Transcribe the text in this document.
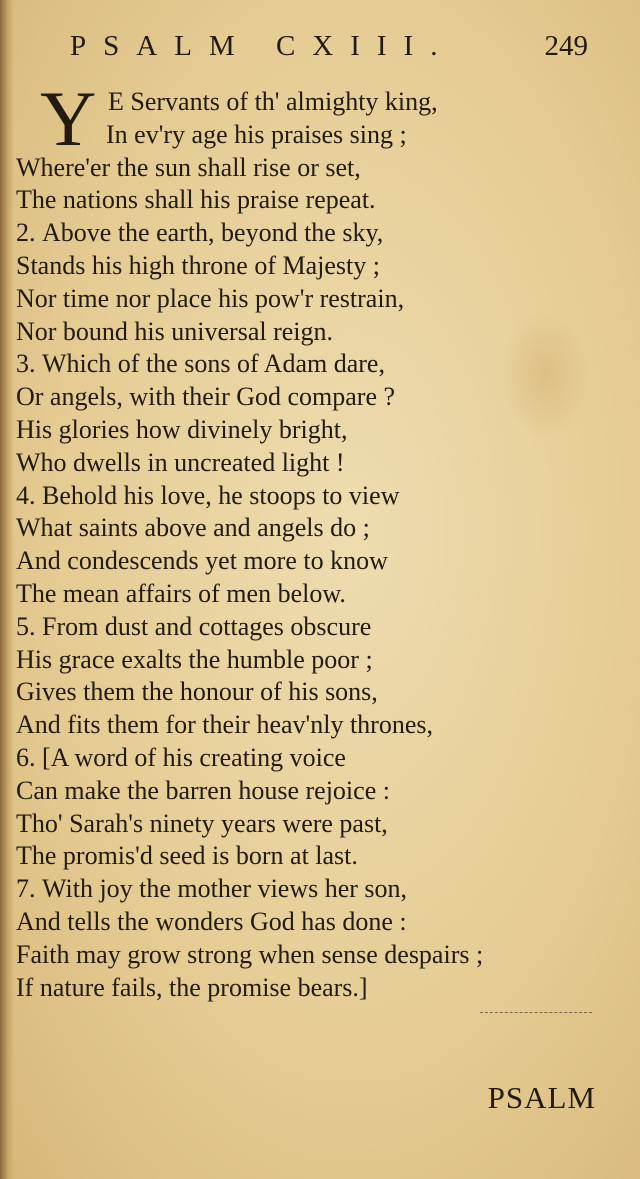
PSALM CXIII.	249
Y E Servants of th' almighty king,
In ev'ry age his praises sing ;
Where'er the sun shall rise or set,
The nations shall his praise repeat.
2. Above the earth, beyond the sky,
Stands his high throne of Majesty ;
Nor time nor place his pow'r restrain,
Nor bound his universal reign.
3. Which of the sons of Adam dare,
Or angels, with their God compare ?
His glories how divinely bright,
Who dwells in uncreated light !
4. Behold his love, he stoops to view
What saints above and angels do ;
And condescends yet more to know
The mean affairs of men below.
5. From dust and cottages obscure
His grace exalts the humble poor ;
Gives them the honour of his sons,
And fits them for their heav'nly thrones,
6. [A word of his creating voice
Can make the barren house rejoice :
Tho' Sarah's ninety years were past,
The promis'd seed is born at last.
7. With joy the mother views her son,
And tells the wonders God has done :
Faith may grow strong when sense despairs ;
If nature fails, the promise bears.]
PSALM
